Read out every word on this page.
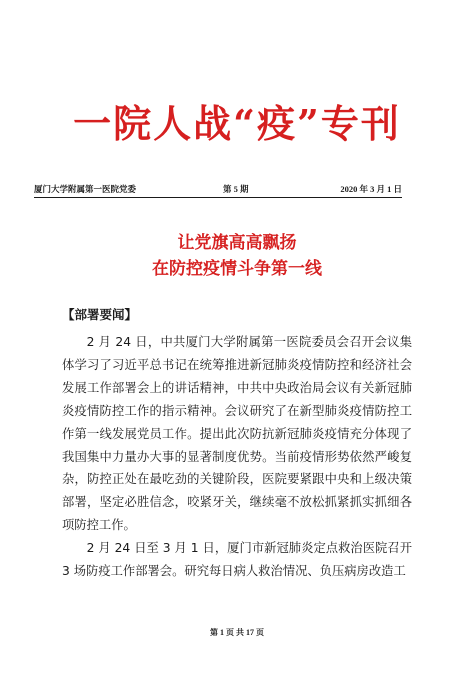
一院人战“疫”专刊
厦门大学附属第一医院党委	第 5 期	2020 年 3 月 1 日
让党旗高高飘扬
在防控疫情斗争第一线
【部署要闻】

2 月 24 日，中共厦门大学附属第一医院委员会召开会议集体学习了习近平总书记在统筹推进新冠肺炎疫情防控和经济社会发展工作部署会上的讲话精神，中共中央政治局会议有关新冠肺炎疫情防控工作的指示精神。会议研究了在新型肺炎疫情防控工作第一线发展党员工作。提出此次防抗新冠肺炎疫情充分体现了我国集中力量办大事的显著制度优势。当前疫情形势依然严峻复杂，防控正处在最吃劲的关键阶段，医院要紧跟中央和上级决策部署，坚定必胜信念，咬紧牙关，继续毫不放松抓紧抓实抓细各项防控工作。

2 月 24 日至 3 月 1 日，厦门市新冠肺炎定点救治医院召开 3 场防疫工作部署会。研究每日病人救治情况、负压病房改造工

第 1 页 共 17 页
